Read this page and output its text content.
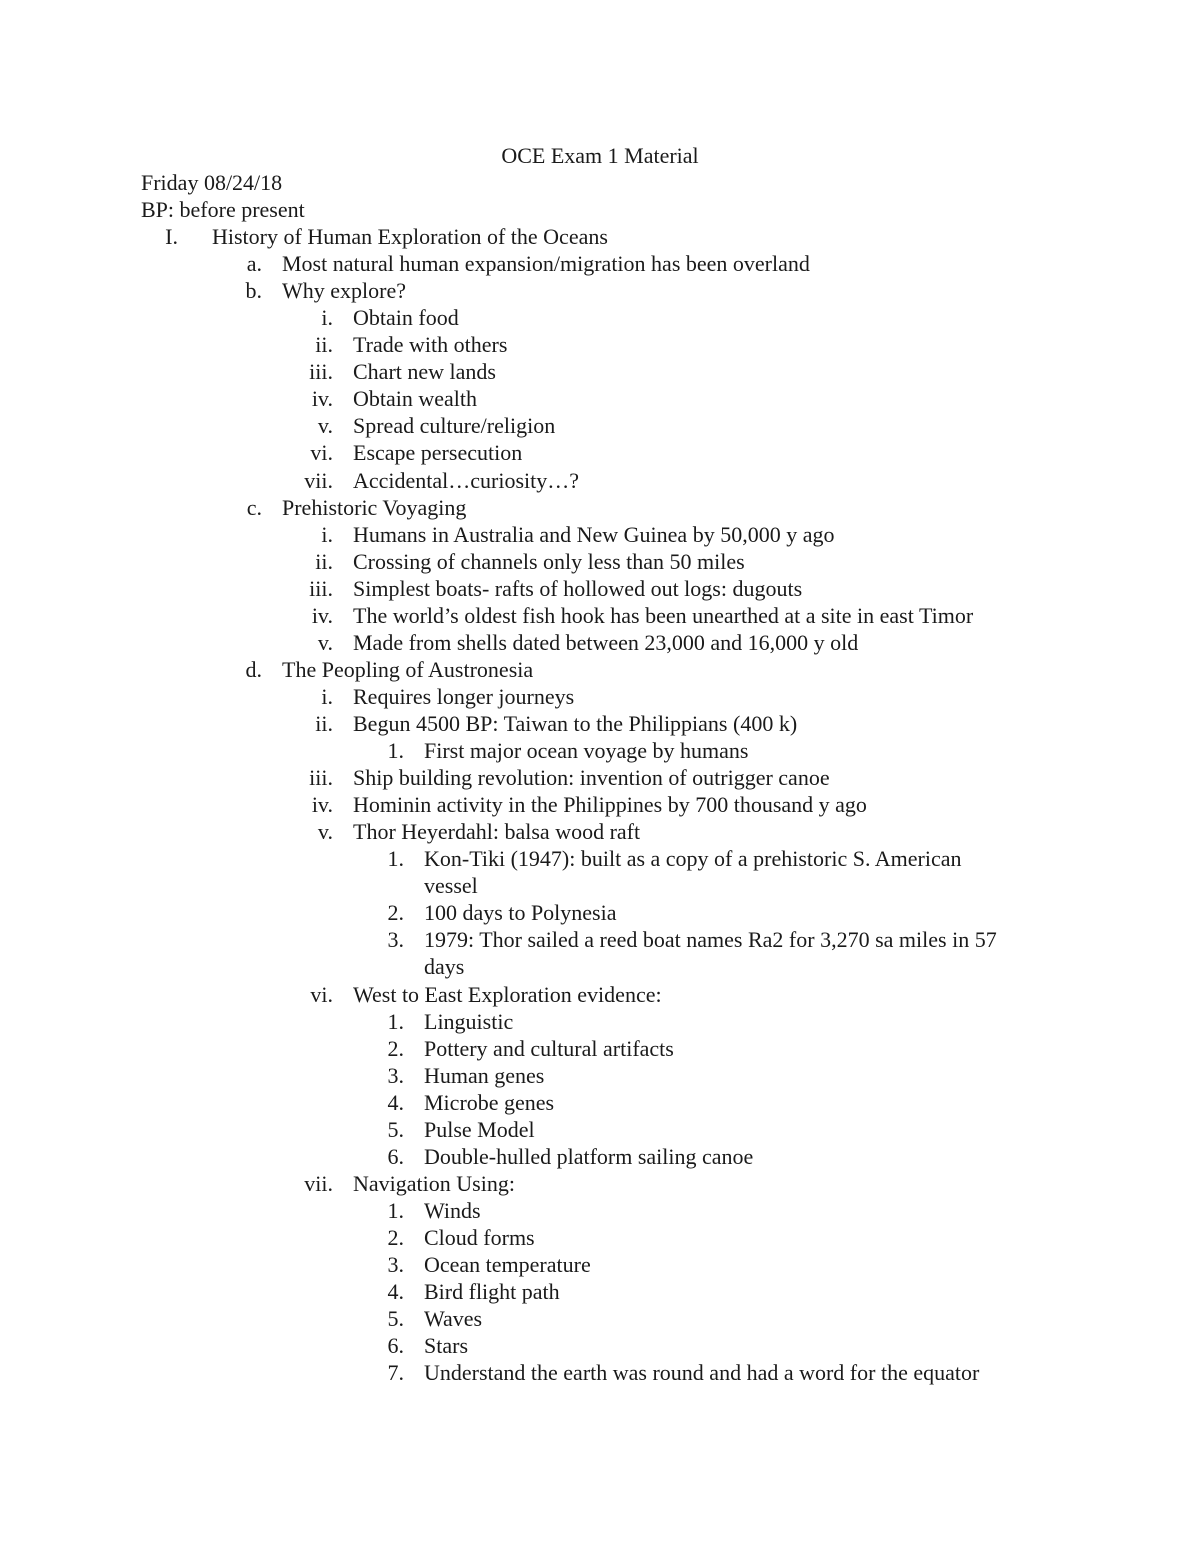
OCE Exam 1 Material
Friday 08/24/18
BP: before present
I. History of Human Exploration of the Oceans
a. Most natural human expansion/migration has been overland
b. Why explore?
i. Obtain food
ii. Trade with others
iii. Chart new lands
iv. Obtain wealth
v. Spread culture/religion
vi. Escape persecution
vii. Accidental…curiosity…?
c. Prehistoric Voyaging
i. Humans in Australia and New Guinea by 50,000 y ago
ii. Crossing of channels only less than 50 miles
iii. Simplest boats- rafts of hollowed out logs: dugouts
iv. The world’s oldest fish hook has been unearthed at a site in east Timor
v. Made from shells dated between 23,000 and 16,000 y old
d. The Peopling of Austronesia
i. Requires longer journeys
ii. Begun 4500 BP: Taiwan to the Philippians (400 k)
1. First major ocean voyage by humans
iii. Ship building revolution: invention of outrigger canoe
iv. Hominin activity in the Philippines by 700 thousand y ago
v. Thor Heyerdahl: balsa wood raft
1. Kon-Tiki (1947): built as a copy of a prehistoric S. American
vessel
2. 100 days to Polynesia
3. 1979: Thor sailed a reed boat names Ra2 for 3,270 sa miles in 57
days
vi. West to East Exploration evidence:
1. Linguistic
2. Pottery and cultural artifacts
3. Human genes
4. Microbe genes
5. Pulse Model
6. Double-hulled platform sailing canoe
vii. Navigation Using:
1. Winds
2. Cloud forms
3. Ocean temperature
4. Bird flight path
5. Waves
6. Stars
7. Understand the earth was round and had a word for the equator
